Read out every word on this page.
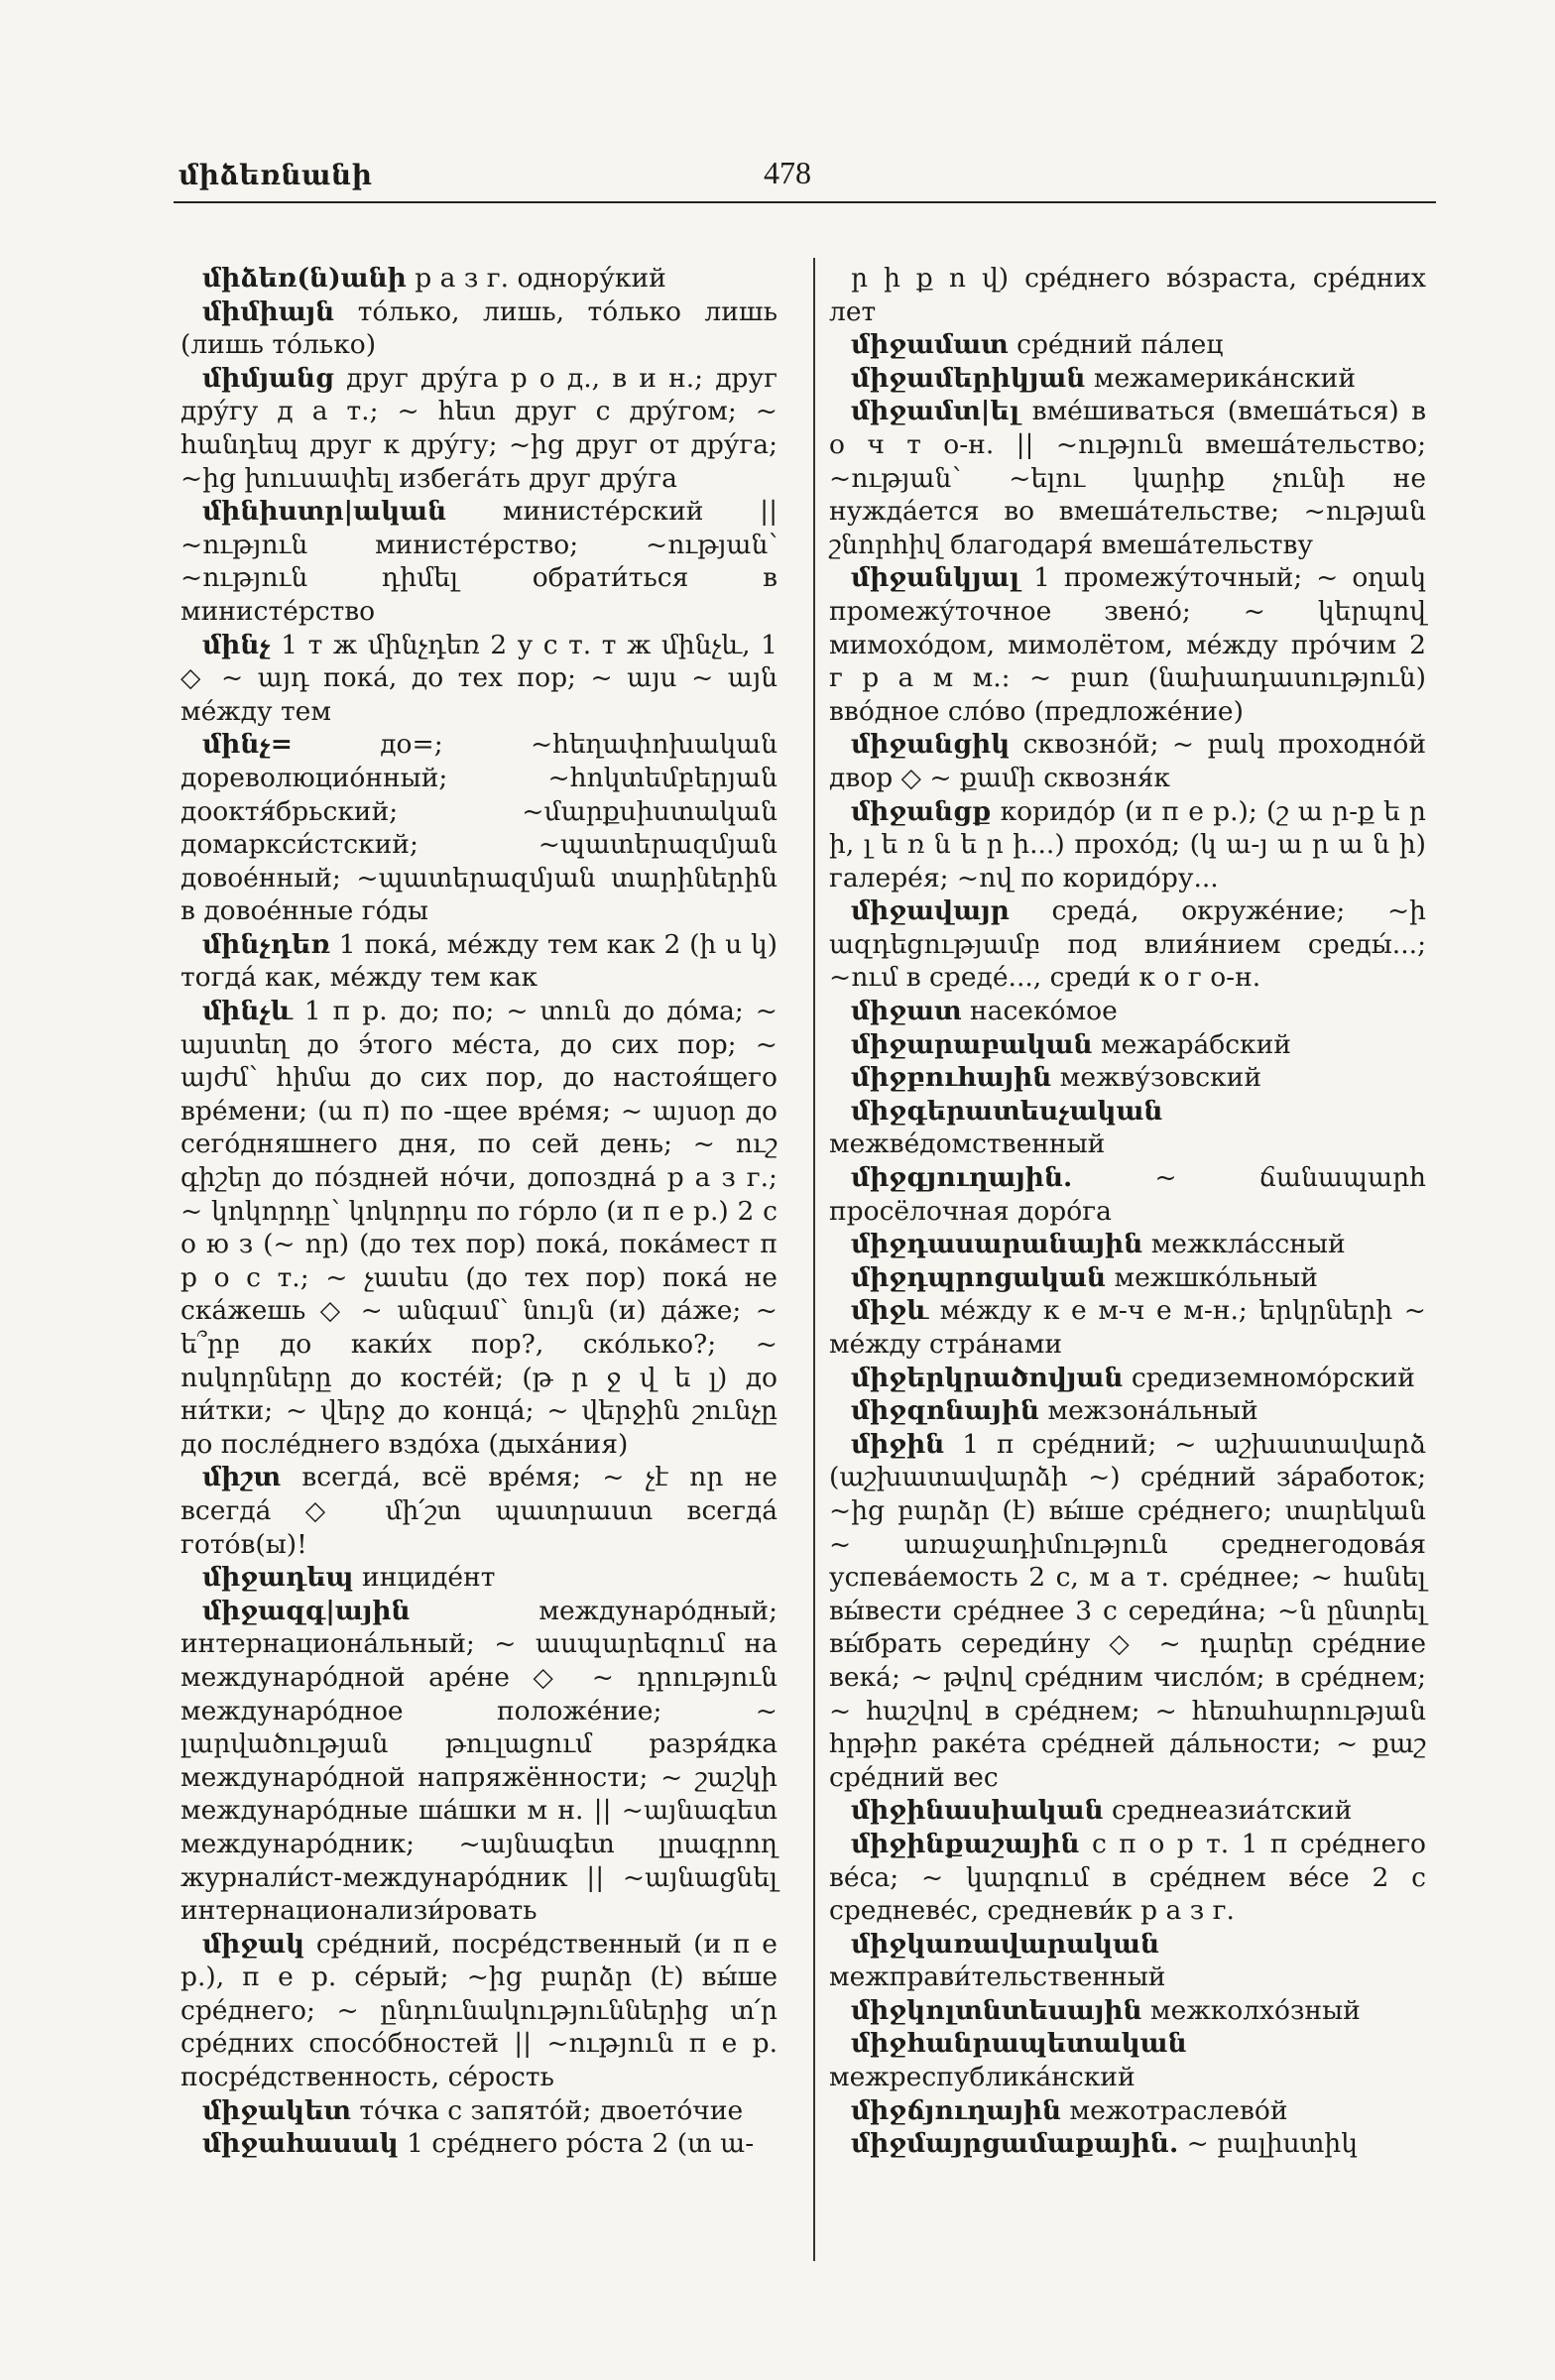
միձեռնանի	478

միձեռ(ն)անի р а з г. однору́кий

միմիայն то́лько, лишь, то́лько лишь (лишь то́лько)

միմյանց друг дру́га р о д., в и н.; друг дру́гу д а т.; ~ հետ друг с дру́гом; ~ հանդեպ друг к дру́гу; ~ից друг от дру́га; ~ից խուսափել избега́ть друг дру́га

մինիստր|ական министе́рский || ~ություն министе́рство; ~ության՝ ~ություն դիմել обрати́ться в министе́рство

մինչ 1 т ж մինչդեռ 2 у с т. т ж մինչև, 1 ◇ ~ այդ пока́, до тех пор; ~ այս ~ այն ме́жду тем

մինչ= до=; ~հեղափոխական дореволюцио́нный; ~հոկտեմբերյան дооктя́брьский; ~մարքսիստական домаркси́стский; ~պատերազմյան довое́нный; ~պատերազմյան տարիներին в довое́нные го́ды

մինչդեռ 1 пока́, ме́жду тем как 2 (ի ս կ) тогда́ как, ме́жду тем как

մինչև 1 п р. до; по; ~ տուն до до́ма; ~ այստեղ до э́того ме́ста, до сих пор; ~ այժմ՝ հիմա до сих пор, до настоя́щего вре́мени; (ա п) по -щее вре́мя; ~ այսօր до сего́дняшнего дня, по сей день; ~ ուշ գիշեր до по́здней но́чи, допоздна́ р а з г.; ~ կոկորդը՝ կոկորդս по го́рло (и п е р.) 2 с о ю з (~ որ) (до тех пор) пока́, пока́мест п р о с т.; ~ չասես (до тех пор) пока́ не ска́жешь ◇ ~ անգամ՝ նույն (и) да́же; ~ ե՞րբ до каки́х пор?, ско́лько?; ~ ոսկորները до косте́й; (թ ր ջ վ ե լ) до ни́тки; ~ վերջ до конца́; ~ վերջին շունչը до после́днего вздо́ха (дыха́ния)

միշտ всегда́, всё вре́мя; ~ չէ որ не всегда́ ◇ մի՛շտ պատրաստ всегда́ гото́в(ы)!

միջադեպ инциде́нт

միջազգ|ային междунаро́дный; интернациона́льный; ~ ասպարեզում на междунаро́дной аре́не ◇ ~ դրություն междунаро́дное положе́ние; ~ լարվածության թուլացում разря́дка междунаро́дной напряжённости; ~ շաշկի междунаро́дные ша́шки м н. || ~այնագետ междунаро́дник; ~այնագետ լրագրող журнали́ст-междунаро́дник || ~այնացնել интернационализи́ровать

միջակ сре́дний, посре́дственный (и п е р.), п е р. се́рый; ~ից բարձր (է) вы́ше сре́днего; ~ ընդունակություններից տ՛ր сре́дних спосо́бностей || ~ություն п е р. посре́дственность, се́рость

միջակետ то́чка с запято́й; двоето́чие

միջահասակ 1 сре́днего ро́ста 2 (տ ա-

ր ի ք ո վ) сре́днего во́зраста, сре́дних лет

միջամատ сре́дний па́лец

միջամերիկյան межамерика́нский

միջամտ|ել вме́шиваться (вмеша́ться) в о ч т о-н. || ~ություն вмеша́тельство; ~ության՝ ~ելու կարիք չունի не нужда́ется во вмеша́тельстве; ~ության շնորհիվ благодаря́ вмеша́тельству

միջանկյալ 1 промежу́точный; ~ օղակ промежу́точное звено́; ~ կերպով мимохо́дом, мимолётом, ме́жду про́чим 2 г р а м м.: ~ բառ (նախադասություն) вво́дное сло́во (предложе́ние)

միջանցիկ сквозно́й; ~ բակ проходно́й двор ◇ ~ քամի сквозня́к

միջանցք коридо́р (и п е р.); (շ ա ր-ք ե ր ի, լ ե ռ ն ե ր ի...) прохо́д; (կ ա-յ ա ր ա ն ի) галере́я; ~ով по коридо́ру...

միջավայր среда́, окруже́ние; ~ի ազդեցությամբ под влия́нием среды́...; ~ում в среде́..., среди́ к о г о-н.

միջատ насеко́мое

միջարաբական межара́бский

միջբուհային межву́зовский

միջգերատեսչական межве́домственный

միջգյուղային. ~ ճանապարհ просёлочная доро́га

միջդասարանային межкла́ссный

միջդպրոցական межшко́льный

միջև ме́жду к е м-ч е м-н.; երկրների ~ ме́жду стра́нами

միջերկրածովյան средиземномо́рский

միջզոնային межзона́льный

միջին 1 п сре́дний; ~ աշխատավարձ (աշխատավարձի ~) сре́дний за́работок; ~ից բարձր (է) вы́ше сре́днего; տարեկան ~ առաջադիմություն среднегодова́я успева́емость 2 с, м а т. сре́днее; ~ հանել вы́вести сре́днее 3 с середи́на; ~ն ընտրել вы́брать середи́ну ◇ ~ դարեր сре́дние века́; ~ թվով сре́дним число́м; в сре́днем; ~ հաշվով в сре́днем; ~ հեռահարության հրթիռ раке́та сре́дней да́льности; ~ քաշ сре́дний вес

միջինասիական среднеазиа́тский

միջինքաշային с п о р т. 1 п сре́днего ве́са; ~ կարգում в сре́днем ве́се 2 с средневе́с, средневи́к р а з г.

միջկառավարական межправи́тельственный

միջկոլտնտեսային межколхо́зный

միջհանրապետական межреспублика́нский

միջճյուղային межотраслево́й

միջմայրցամաքային. ~ բալիստիկ
